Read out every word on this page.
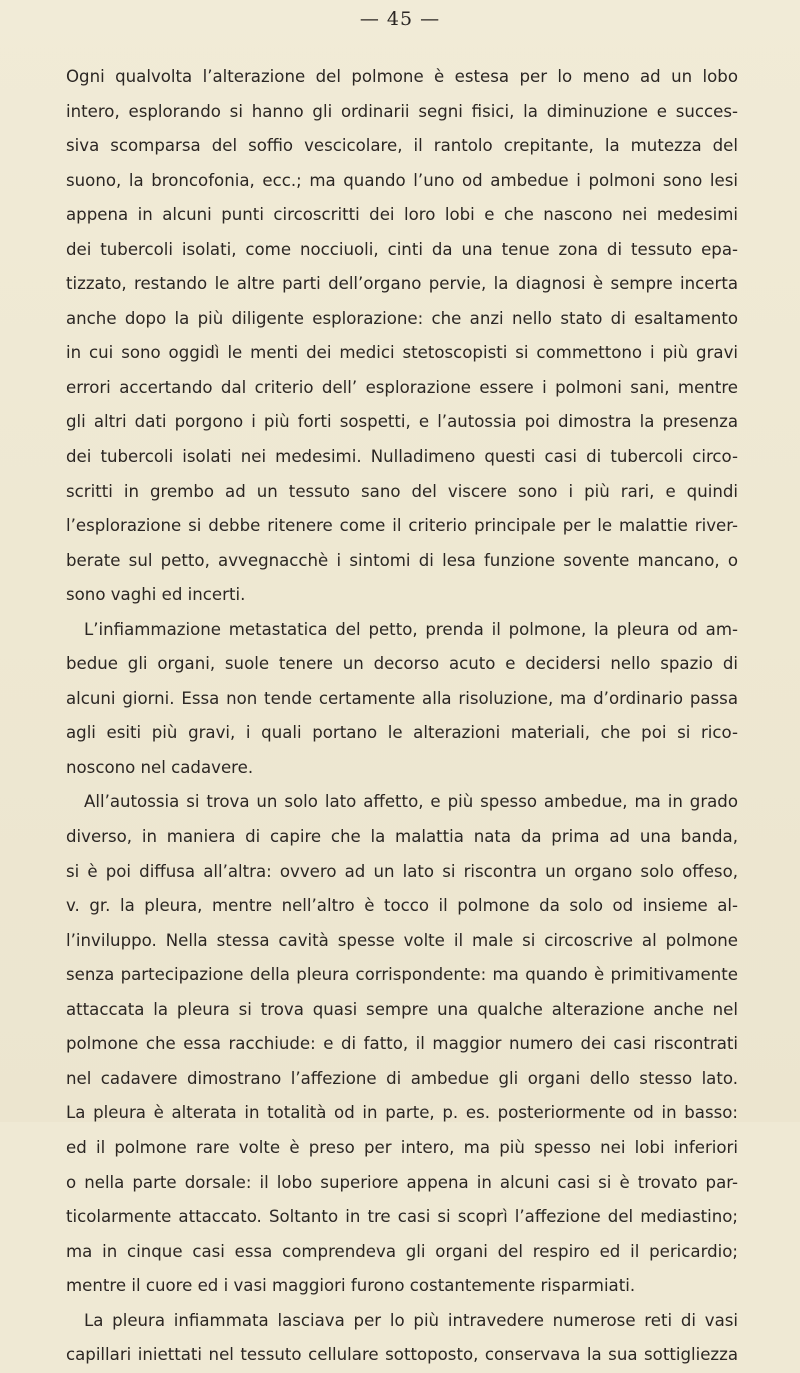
— 45 —
Ogni qualvolta l’alterazione del polmone è estesa per lo meno ad un lobo
intero, esplorando si hanno gli ordinarii segni fisici, la diminuzione e succes-
siva scomparsa del soffio vescicolare, il rantolo crepitante, la mutezza del
suono, la broncofonia, ecc.; ma quando l’uno od ambedue i polmoni sono lesi
appena in alcuni punti circoscritti dei loro lobi e che nascono nei medesimi
dei tubercoli isolati, come nocciuoli, cinti da una tenue zona di tessuto epa-
tizzato, restando le altre parti dell’organo pervie, la diagnosi è sempre incerta
anche dopo la più diligente esplorazione: che anzi nello stato di esaltamento
in cui sono oggidì le menti dei medici stetoscopisti si commettono i più gravi
errori accertando dal criterio dell’ esplorazione essere i polmoni sani, mentre
gli altri dati porgono i più forti sospetti, e l’autossia poi dimostra la presenza
dei tubercoli isolati nei medesimi. Nulladimeno questi casi di tubercoli circo-
scritti in grembo ad un tessuto sano del viscere sono i più rari, e quindi
l’esplorazione si debbe ritenere come il criterio principale per le malattie river-
berate sul petto, avvegnacchè i sintomi di lesa funzione sovente mancano, o
sono vaghi ed incerti.
L’infiammazione metastatica del petto, prenda il polmone, la pleura od am-
bedue gli organi, suole tenere un decorso acuto e decidersi nello spazio di
alcuni giorni. Essa non tende certamente alla risoluzione, ma d’ordinario passa
agli esiti più gravi, i quali portano le alterazioni materiali, che poi si rico-
noscono nel cadavere.
All’autossia si trova un solo lato affetto, e più spesso ambedue, ma in grado
diverso, in maniera di capire che la malattia nata da prima ad una banda,
si è poi diffusa all’altra: ovvero ad un lato si riscontra un organo solo offeso,
v. gr. la pleura, mentre nell’altro è tocco il polmone da solo od insieme al-
l’inviluppo. Nella stessa cavità spesse volte il male si circoscrive al polmone
senza partecipazione della pleura corrispondente: ma quando è primitivamente
attaccata la pleura si trova quasi sempre una qualche alterazione anche nel
polmone che essa racchiude: e di fatto, il maggior numero dei casi riscontrati
nel cadavere dimostrano l’affezione di ambedue gli organi dello stesso lato.
La pleura è alterata in totalità od in parte, p. es. posteriormente od in basso:
ed il polmone rare volte è preso per intero, ma più spesso nei lobi inferiori
o nella parte dorsale: il lobo superiore appena in alcuni casi si è trovato par-
ticolarmente attaccato. Soltanto in tre casi si scoprì l’affezione del mediastino;
ma in cinque casi essa comprendeva gli organi del respiro ed il pericardio;
mentre il cuore ed i vasi maggiori furono costantemente risparmiati.
La pleura infiammata lasciava per lo più intravedere numerose reti di vasi
capillari iniettati nel tessuto cellulare sottoposto, conservava la sua sottigliezza
